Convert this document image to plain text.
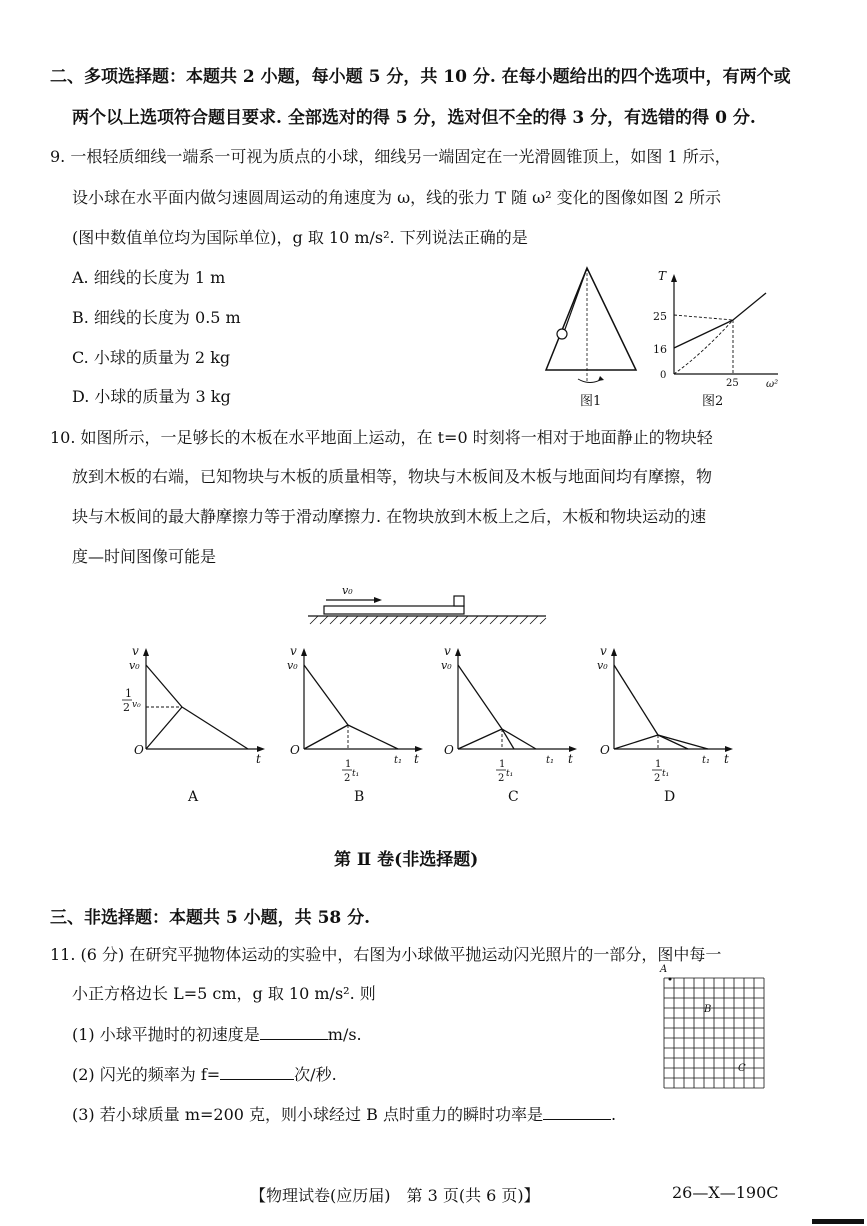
二、多项选择题：本题共 2 小题，每小题 5 分，共 10 分. 在每小题给出的四个选项中，有两个或
两个以上选项符合题目要求. 全部选对的得 5 分，选对但不全的得 3 分，有选错的得 0 分.
9. 一根轻质细线一端系一可视为质点的小球，细线另一端固定在一光滑圆锥顶上，如图 1 所示，
设小球在水平面内做匀速圆周运动的角速度为 ω，线的张力 T 随 ω² 变化的图像如图 2 所示
(图中数值单位均为国际单位)，g 取 10 m/s². 下列说法正确的是
A. 细线的长度为 1 m
B. 细线的长度为 0.5 m
C. 小球的质量为 2 kg
D. 小球的质量为 3 kg	图1
T
ω²
0
25
16
25
图2
10. 如图所示，一足够长的木板在水平地面上运动，在 t=0 时刻将一相对于地面静止的物块轻
放到木板的右端，已知物块与木板的质量相等，物块与木板间及木板与地面间均有摩擦，物
块与木板间的最大静摩擦力等于滑动摩擦力. 在物块放到木板上之后，木板和物块运动的速
度—时间图像可能是
v₀
v
v₀
O
t
1
2 v₀
A
v
v₀
O
t
1
2 t₁
t₁
B
v
v₀
O
t
1
2 t₁
t₁
C
v
v₀
O
t
1
2 t₁
t₁
D
第 Ⅱ 卷(非选择题)
三、非选择题：本题共 5 小题，共 58 分.
11. (6 分) 在研究平抛物体运动的实验中，右图为小球做平抛运动闪光照片的一部分，图中每一
小正方格边长 L=5 cm，g 取 10 m/s². 则
(1) 小球平抛时的初速度是	m/s.
(2) 闪光的频率为 f=	次/秒.
(3) 若小球质量 m=200 克，则小球经过 B 点时重力的瞬时功率是	.
A
B
C
【物理试卷(应历届)　第 3 页(共 6 页)】	26—X—190C
